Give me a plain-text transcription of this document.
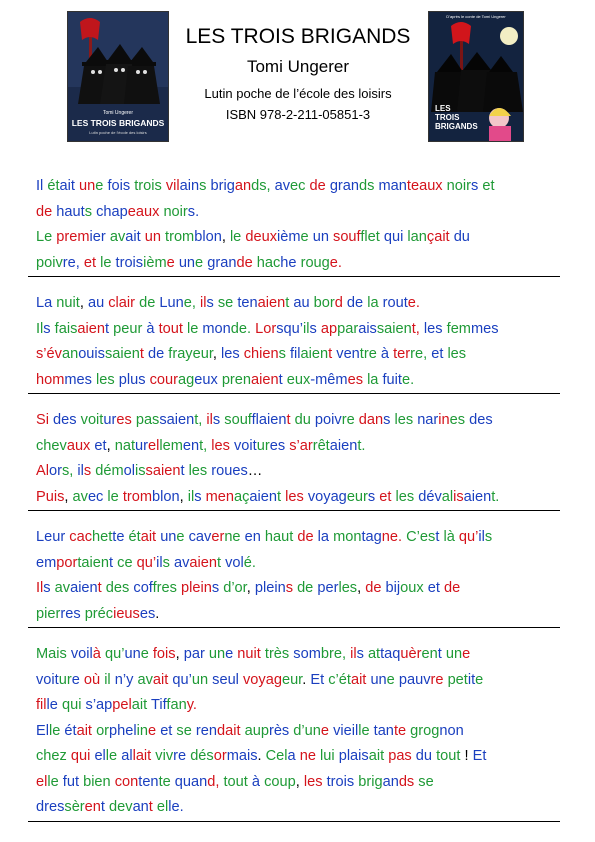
Tomi Ungerer
LES TROIS BRIGANDS
Lutin poche de l'école des loisirs
LES TROIS BRIGANDS
Tomi Ungerer
Lutin poche de l’école des loisirs
ISBN 978-2-211-05851-3
D'après le conte de Tomi Ungerer
LES
TROIS
BRIGANDS
Il était une fois trois vilains brigands, avec de grands manteaux noirs et
de hauts chapeaux noirs.
Le premier avait un tromblon, le deuxième un soufflet qui lançait du
poivre, et le troisième une grande hache rouge.
La nuit, au clair de Lune, ils se tenaient au bord de la route.
Ils faisaient peur à tout le monde. Lorsqu’ils apparaissaient, les femmes
s’évanouissaient de frayeur, les chiens filaient ventre à terre, et les
hommes les plus courageux prenaient eux-mêmes la fuite.
Si des voitures passaient, ils soufflaient du poivre dans les narines des
chevaux et, naturellement, les voitures s’arrêtaient.
Alors, ils démolissaient les roues…
Puis, avec le tromblon, ils menaçaient les voyageurs et les dévalisaient.
Leur cachette était une caverne en haut de la montagne. C’est là qu’ils
emportaient ce qu’ils avaient volé.
Ils avaient des coffres pleins d’or, pleins de perles, de bijoux et de
pierres précieuses.
Mais voilà qu’une fois, par une nuit très sombre, ils attaquèrent une
voiture où il n’y avait qu’un seul voyageur. Et c’était une pauvre petite
fille qui s’appelait Tiffany.
Elle était orpheline et se rendait auprès d’une vieille tante grognon
chez qui elle allait vivre désormais. Cela ne lui plaisait pas du tout ! Et
elle fut bien contente quand, tout à coup, les trois brigands se
dressèrent devant elle.
